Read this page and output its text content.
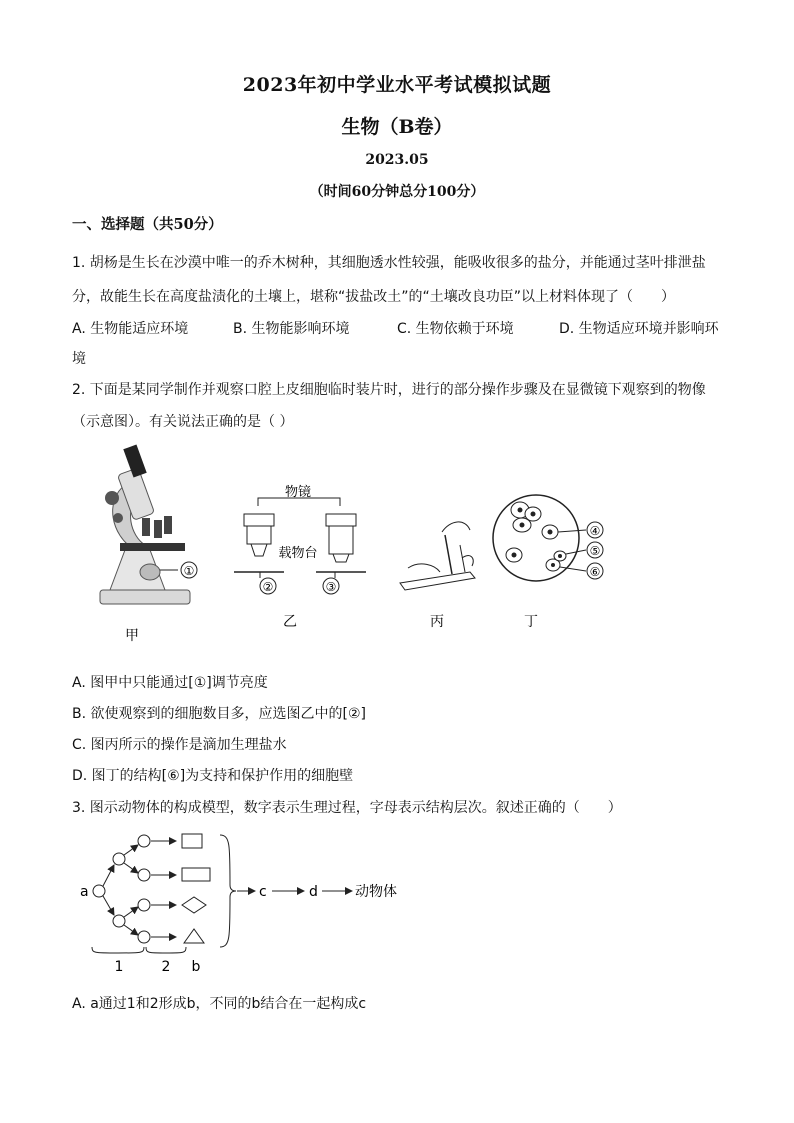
2023年初中学业水平考试模拟试题
生物（B卷）
2023.05
（时间60分钟总分100分）
一、选择题（共50分）
1. 胡杨是生长在沙漠中唯一的乔木树种，其细胞透水性较强，能吸收很多的盐分，并能通过茎叶排泄盐
分，故能生长在高度盐渍化的土壤上，堪称“拔盐改土”的“土壤改良功臣”以上材料体现了（　　）
A. 生物能适应环境	B. 生物能影响环境	C. 生物依赖于环境	D. 生物适应环境并影响环
境
2. 下面是某同学制作并观察口腔上皮细胞临时装片时，进行的部分操作步骤及在显微镜下观察到的物像
（示意图）。有关说法正确的是（ ）
①
甲
物镜
载物台
②	③
乙	丙
④
⑤
⑥
丁
A. 图甲中只能通过[①]调节亮度
B. 欲使观察到的细胞数目多，应选图乙中的[②]
C. 图丙所示的操作是滴加生理盐水
D. 图丁的结构[⑥]为支持和保护作用的细胞壁
3. 图示动物体的构成模型，数字表示生理过程，字母表示结构层次。叙述正确的（　　）
a	c	d	动物体
1	2 b
A. a通过1和2形成b，不同的b结合在一起构成c
